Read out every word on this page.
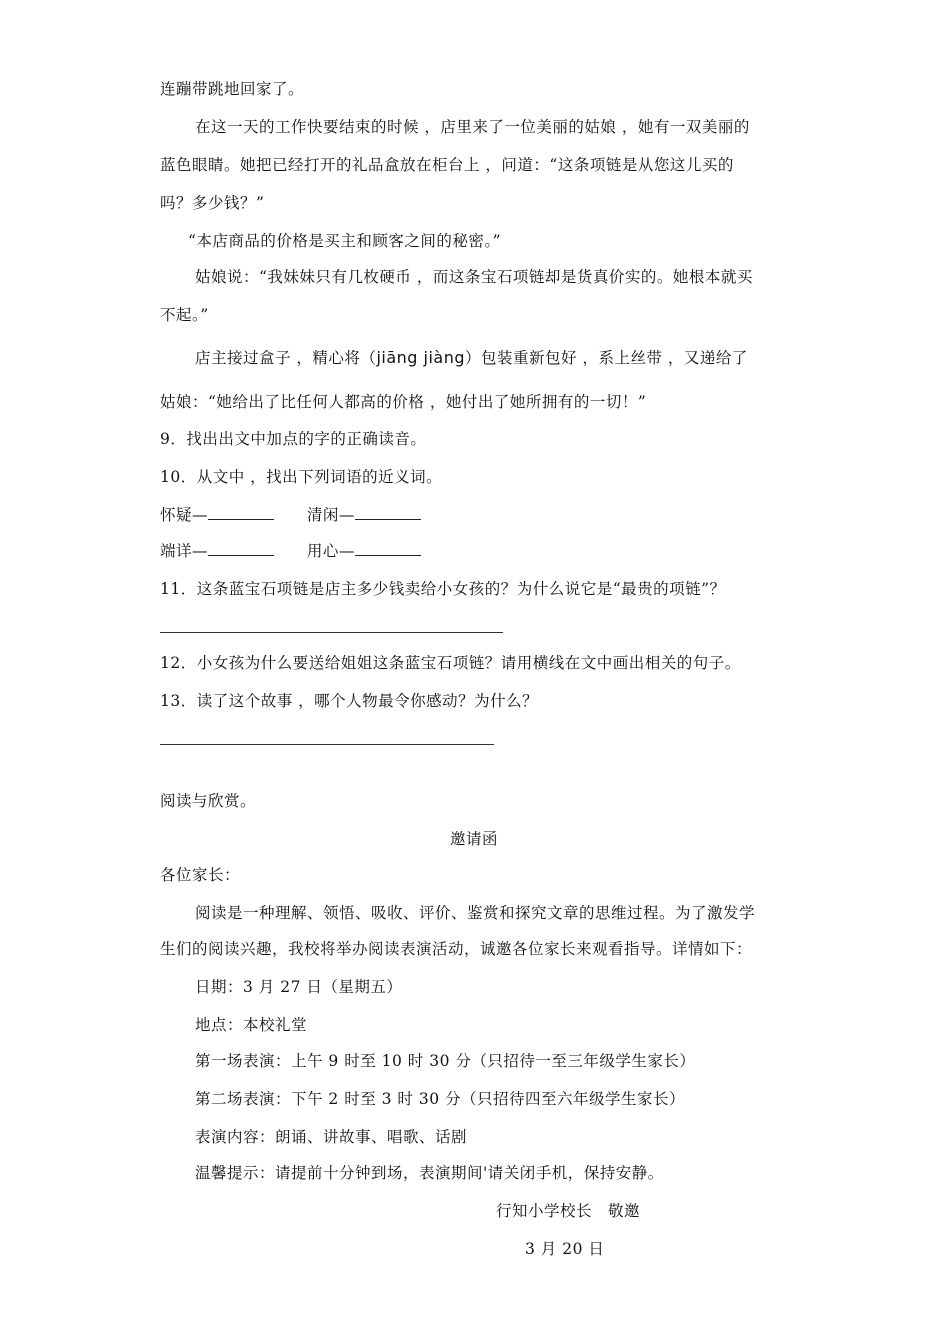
连蹦带跳地回家了。
在这一天的工作快要结束的时候 ，店里来了一位美丽的姑娘 ，她有一双美丽的
蓝色眼睛。她把已经打开的礼品盒放在柜台上 ，问道：“这条项链是从您这儿买的
吗？多少钱？”
“本店商品的价格是买主和顾客之间的秘密。”
姑娘说：“我妹妹只有几枚硬币 ，而这条宝石项链却是货真价实的。她根本就买
不起。”
店主接过盒子 ，精心将（jiāng jiàng）包装重新包好 ，系上丝带 ，又递给了
姑娘：“她给出了比任何人都高的价格 ，她付出了她所拥有的一切！”
9．找出出文中加点的字的正确读音。
10．从文中 ，找出下列词语的近义词。
怀疑—	清闲—
端详—	用心—
11．这条蓝宝石项链是店主多少钱卖给小女孩的？为什么说它是“最贵的项链”？
12．小女孩为什么要送给姐姐这条蓝宝石项链？请用横线在文中画出相关的句子。
13．读了这个故事 ，哪个人物最令你感动？为什么？
阅读与欣赏。
邀请函
各位家长：
阅读是一种理解、领悟、吸收、评价、鉴赏和探究文章的思维过程。为了激发学
生们的阅读兴趣，我校将举办阅读表演活动，诚邀各位家长来观看指导。详情如下：
日期：3 月 27 日（星期五）
地点：本校礼堂
第一场表演：上午 9 时至 10 时 30 分（只招待一至三年级学生家长）
第二场表演：下午 2 时至 3 时 30 分（只招待四至六年级学生家长）
表演内容：朗诵、讲故事、唱歌、话剧
温馨提示：请提前十分钟到场，表演期间'请关闭手机，保持安静。
行知小学校长　敬邀
3 月 20 日
